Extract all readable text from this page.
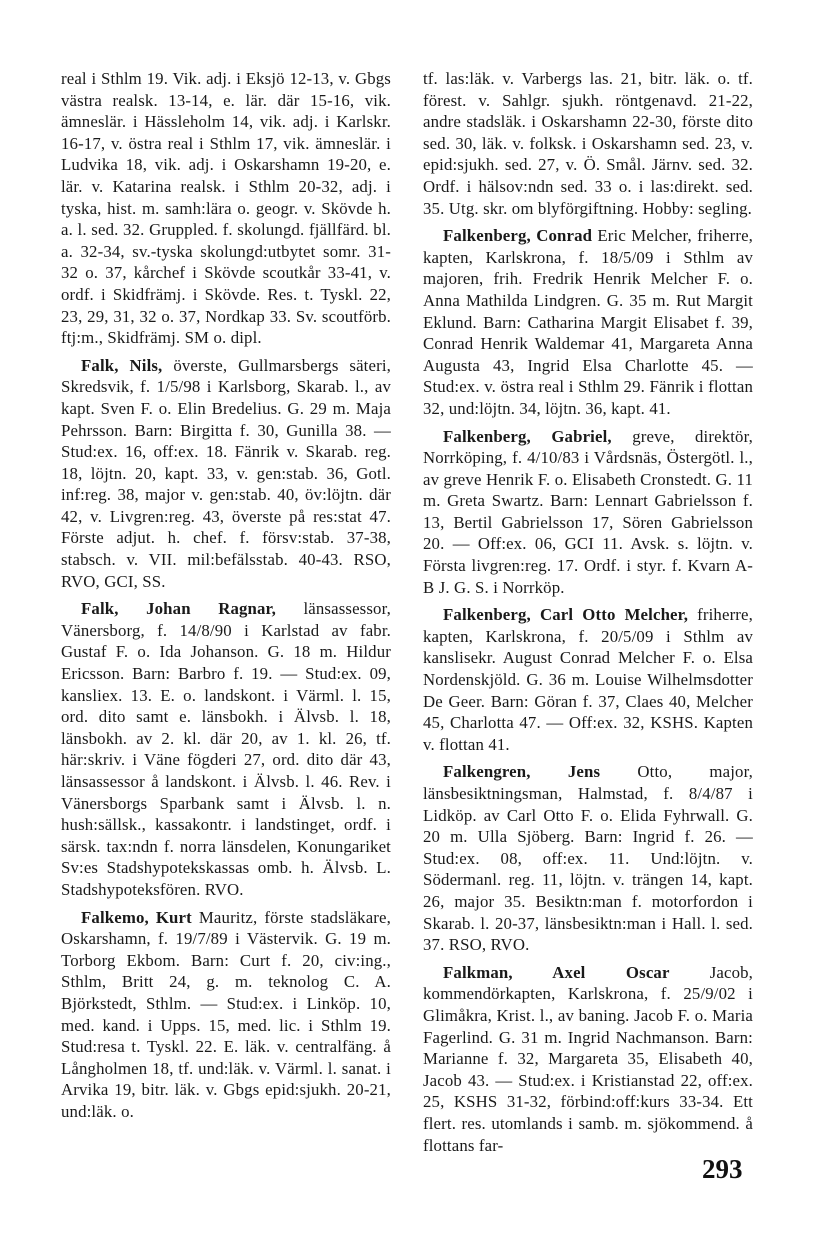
real i Sthlm 19. Vik. adj. i Eksjö 12-13, v. Gbgs västra realsk. 13-14, e. lär. där 15-16, vik. ämneslär. i Hässleholm 14, vik. adj. i Karlskr. 16-17, v. östra real i Sthlm 17, vik. ämneslär. i Ludvika 18, vik. adj. i Oskarshamn 19-20, e. lär. v. Katarina realsk. i Sthlm 20-32, adj. i tyska, hist. m. samh:lära o. geogr. v. Skövde h. a. l. sed. 32. Gruppled. f. skolungd. fjällfärd. bl. a. 32-34, sv.-tyska skolungd:utbytet somr. 31-32 o. 37, kårchef i Skövde scoutkår 33-41, v. ordf. i Skidfrämj. i Skövde. Res. t. Tyskl. 22, 23, 29, 31, 32 o. 37, Nordkap 33. Sv. scoutförb. ftj:m., Skidfrämj. SM o. dipl.

Falk, Nils, överste, Gullmarsbergs säteri, Skredsvik, f. 1/5/98 i Karlsborg, Skarab. l., av kapt. Sven F. o. Elin Bredelius. G. 29 m. Maja Pehrsson. Barn: Birgitta f. 30, Gunilla 38. — Stud:ex. 16, off:ex. 18. Fänrik v. Skarab. reg. 18, löjtn. 20, kapt. 33, v. gen:stab. 36, Gotl. inf:reg. 38, major v. gen:stab. 40, öv:löjtn. där 42, v. Livgren:reg. 43, överste på res:stat 47. Förste adjut. h. chef. f. försv:stab. 37-38, stabsch. v. VII. mil:befälsstab. 40-43. RSO, RVO, GCI, SS.

Falk, Johan Ragnar, länsassessor, Vänersborg, f. 14/8/90 i Karlstad av fabr. Gustaf F. o. Ida Johanson. G. 18 m. Hildur Ericsson. Barn: Barbro f. 19. — Stud:ex. 09, kansliex. 13. E. o. landskont. i Värml. l. 15, ord. dito samt e. länsbokh. i Älvsb. l. 18, länsbokh. av 2. kl. där 20, av 1. kl. 26, tf. här:skriv. i Väne fögderi 27, ord. dito där 43, länsassessor å landskont. i Älvsb. l. 46. Rev. i Vänersborgs Sparbank samt i Älvsb. l. n. hush:sällsk., kassakontr. i landstinget, ordf. i särsk. tax:ndn f. norra länsdelen, Konungariket Sv:es Stadshypotekskassas omb. h. Älvsb. L. Stadshypoteksfören. RVO.

Falkemo, Kurt Mauritz, förste stadsläkare, Oskarshamn, f. 19/7/89 i Västervik. G. 19 m. Torborg Ekbom. Barn: Curt f. 20, civ:ing., Sthlm, Britt 24, g. m. teknolog C. A. Björkstedt, Sthlm. — Stud:ex. i Linköp. 10, med. kand. i Upps. 15, med. lic. i Sthlm 19. Stud:resa t. Tyskl. 22. E. läk. v. centralfäng. å Långholmen 18, tf. und:läk. v. Värml. l. sanat. i Arvika 19, bitr. läk. v. Gbgs epid:sjukh. 20-21, und:läk. o.

tf. las:läk. v. Varbergs las. 21, bitr. läk. o. tf. förest. v. Sahlgr. sjukh. röntgenavd. 21-22, andre stadsläk. i Oskarshamn 22-30, förste dito sed. 30, läk. v. folksk. i Oskarshamn sed. 23, v. epid:sjukh. sed. 27, v. Ö. Smål. Järnv. sed. 32. Ordf. i hälsov:ndn sed. 33 o. i las:direkt. sed. 35. Utg. skr. om blyförgiftning. Hobby: segling.

Falkenberg, Conrad Eric Melcher, friherre, kapten, Karlskrona, f. 18/5/09 i Sthlm av majoren, frih. Fredrik Henrik Melcher F. o. Anna Mathilda Lindgren. G. 35 m. Rut Margit Eklund. Barn: Catharina Margit Elisabet f. 39, Conrad Henrik Waldemar 41, Margareta Anna Augusta 43, Ingrid Elsa Charlotte 45. — Stud:ex. v. östra real i Sthlm 29. Fänrik i flottan 32, und:löjtn. 34, löjtn. 36, kapt. 41.

Falkenberg, Gabriel, greve, direktör, Norrköping, f. 4/10/83 i Vårdsnäs, Östergötl. l., av greve Henrik F. o. Elisabeth Cronstedt. G. 11 m. Greta Swartz. Barn: Lennart Gabrielsson f. 13, Bertil Gabrielsson 17, Sören Gabrielsson 20. — Off:ex. 06, GCI 11. Avsk. s. löjtn. v. Första livgren:reg. 17. Ordf. i styr. f. Kvarn A-B J. G. S. i Norrköp.

Falkenberg, Carl Otto Melcher, friherre, kapten, Karlskrona, f. 20/5/09 i Sthlm av kanslisekr. August Conrad Melcher F. o. Elsa Nordenskjöld. G. 36 m. Louise Wilhelmsdotter De Geer. Barn: Göran f. 37, Claes 40, Melcher 45, Charlotta 47. — Off:ex. 32, KSHS. Kapten v. flottan 41.

Falkengren, Jens Otto, major, länsbesiktningsman, Halmstad, f. 8/4/87 i Lidköp. av Carl Otto F. o. Elida Fyhrwall. G. 20 m. Ulla Sjöberg. Barn: Ingrid f. 26. — Stud:ex. 08, off:ex. 11. Und:löjtn. v. Södermanl. reg. 11, löjtn. v. trängen 14, kapt. 26, major 35. Besiktn:man f. motorfordon i Skarab. l. 20-37, länsbesiktn:man i Hall. l. sed. 37. RSO, RVO.

Falkman, Axel Oscar Jacob, kommendörkapten, Karlskrona, f. 25/9/02 i Glimåkra, Krist. l., av baning. Jacob F. o. Maria Fagerlind. G. 31 m. Ingrid Nachmanson. Barn: Marianne f. 32, Margareta 35, Elisabeth 40, Jacob 43. — Stud:ex. i Kristianstad 22, off:ex. 25, KSHS 31-32, förbind:off:kurs 33-34. Ett flert. res. utomlands i samb. m. sjökommend. å flottans far-

293
